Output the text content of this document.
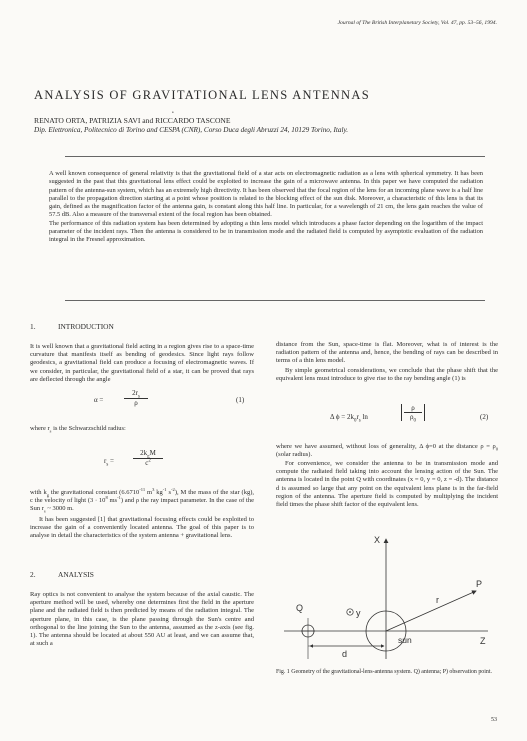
Journal of The British Interplanetary Society, Vol. 47, pp. 53–56, 1994.
ANALYSIS OF GRAVITATIONAL LENS ANTENNAS
•
RENATO ORTA, PATRIZIA SAVI and RICCARDO TASCONE
Dip. Elettronica, Politecnico di Torino and CESPA (CNR), Corso Duca degli Abruzzi 24, 10129 Torino, Italy.

A well known consequence of general relativity is that the gravitational field of a star acts on electromagnetic radiation as a lens with spherical symmetry. It has been suggested in the past that this gravitational lens effect could be exploited to increase the gain of a microwave antenna. In this paper we have computed the radiation pattern of the antenna-sun system, which has an extremely high directivity. It has been observed that the focal region of the lens for an incoming plane wave is a half line parallel to the propagation direction starting at a point whose position is related to the blocking effect of the sun disk. Moreover, a characteristic of this lens is that its gain, defined as the magnification factor of the antenna gain, is constant along this half line. In particular, for a wavelength of 21 cm, the lens gain reaches the value of 57.5 dB. Also a measure of the transversal extent of the focal region has been obtained.

The performance of this radiation system has been determined by adopting a thin lens model which introduces a phase factor depending on the logarithm of the impact parameter of the incident rays. Then the antenna is considered to be in transmission mode and the radiated field is computed by asymptotic evaluation of the radiation integral in the Fresnel approximation.

1.	INTRODUCTION
It is well known that a gravitational field acting in a region gives rise to a space-time curvature that manifests itself as bending of geodesics. Since light rays follow geodesics, a gravitational field can produce a focusing of electromagnetic waves. If we consider, in particular, the gravitational field of a star, it can be proved that rays are deflected through the angle
α =
$2r_s$
ρ	(1)
where $r_s$ is the Schwarzschild radius:
$r_s$ =
$2k_gM$
$c^2$
with $k_g$ the gravitational constant ($6.6710^{-11}$ $m^3$ $kg^{-1}$ $s^{-2}$), M the mass of the star (kg), c the velocity of light ($3 \cdot 10^8$ $ms^{-1}$) and ρ the ray impact parameter. In the case of the Sun $r_s$ ~ 3000 m.
It has been suggested [1] that gravitational focusing effects could be exploited to increase the gain of a conveniently located antenna. The goal of this paper is to analyse in detail the characteristics of the system antenna + gravitational lens.
2.	ANALYSIS
Ray optics is not convenient to analyse the system because of the axial caustic. The aperture method will be used, whereby one determines first the field in the aperture plane and the radiated field is then predicted by means of the radiation integral. The aperture plane, in this case, is the plane passing through the Sun's centre and orthogonal to the line joining the Sun to the antenna, assumed as the z-axis (see fig. 1). The antenna should be located at about 550 AU at least, and we can assume that, at such a
distance from the Sun, space-time is flat. Moreover, what is of interest is the radiation pattern of the antenna and, hence, the bending of rays can be described in terms of a thin lens model.
By simple geometrical considerations, we conclude that the phase shift that the equivalent lens must introduce to give rise to the ray bending angle (1) is
Δ $\phi = 2k_0r_s$ ln
ρ
$\rho_0$	(2)
where we have assumed, without loss of generality, Δ ϕ=0 at the distance $\rho = \rho_0$ (solar radius).
For convenience, we consider the antenna to be in transmission mode and compute the radiated field taking into account the lensing action of the Sun. The antenna is located in the point Q with coordinates (x = 0, y = 0, z = -d). The distance d is assumed so large that any point on the equivalent lens plane is in the far-field region of the antenna. The aperture field is computed by multiplying the incident field times the phase shift factor of the equivalent lens.
X
y
Z
Q
sun
r
P
d
Fig. 1 Geometry of the gravitational-lens-antenna system. Q) antenna; P) observation point.
53
